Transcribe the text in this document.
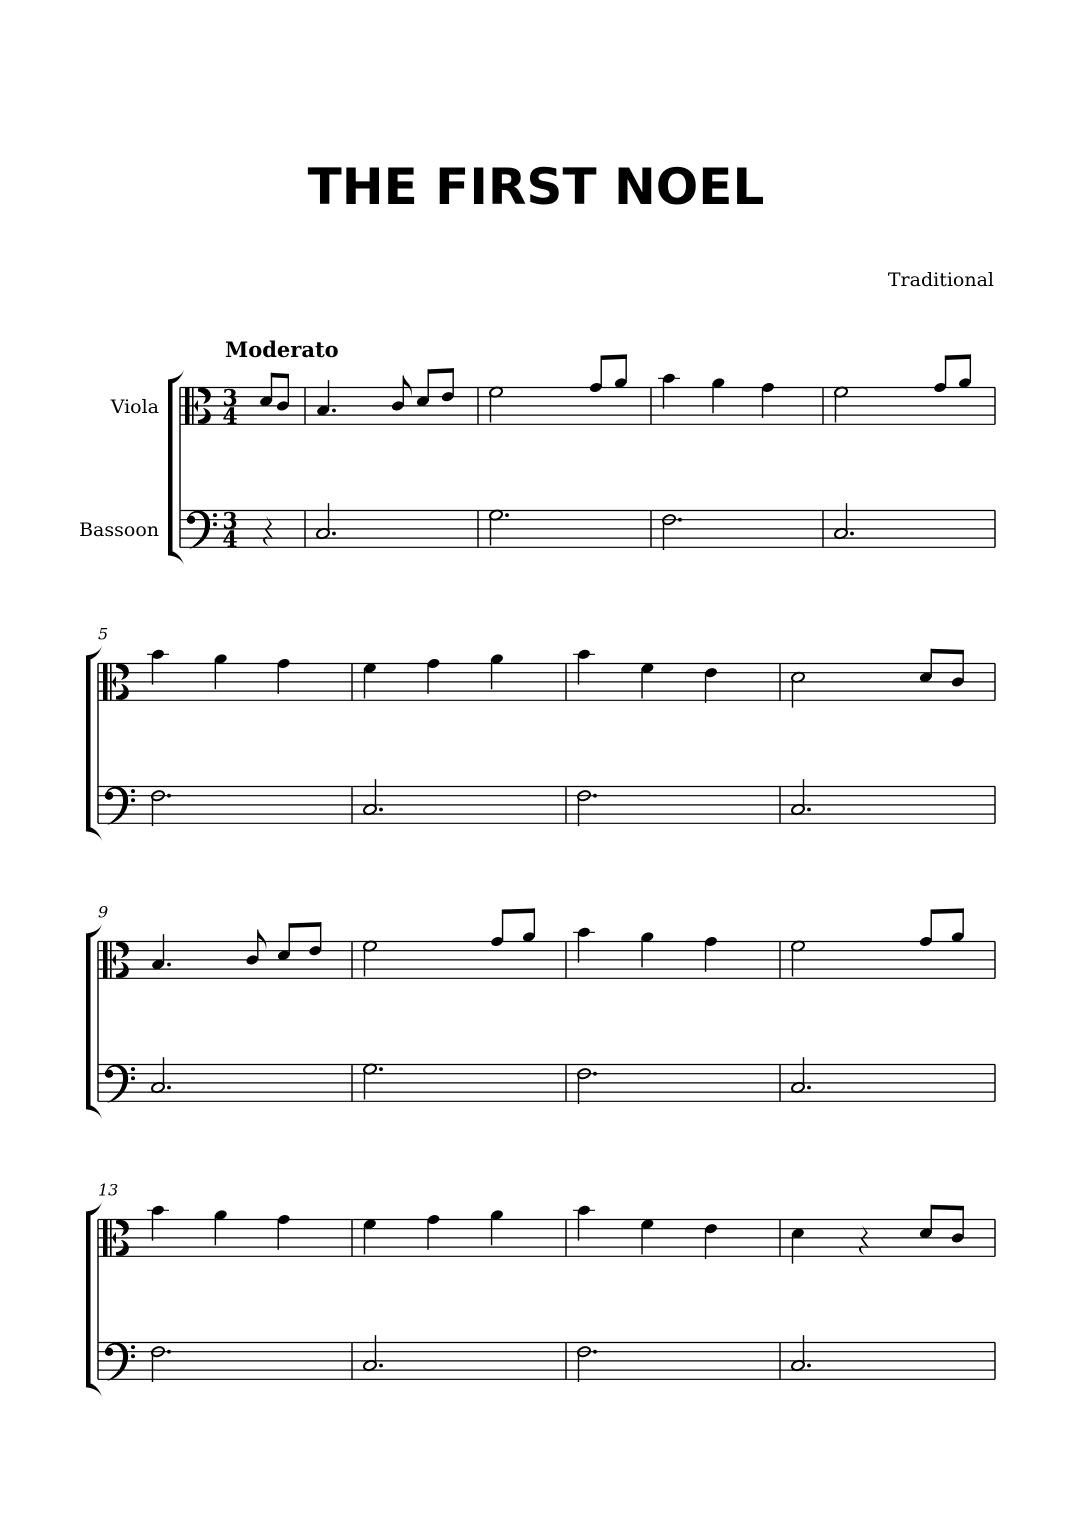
THE FIRST NOEL
Traditional
Moderato
3
4
Viola
3
4
Bassoon
5
9
13
